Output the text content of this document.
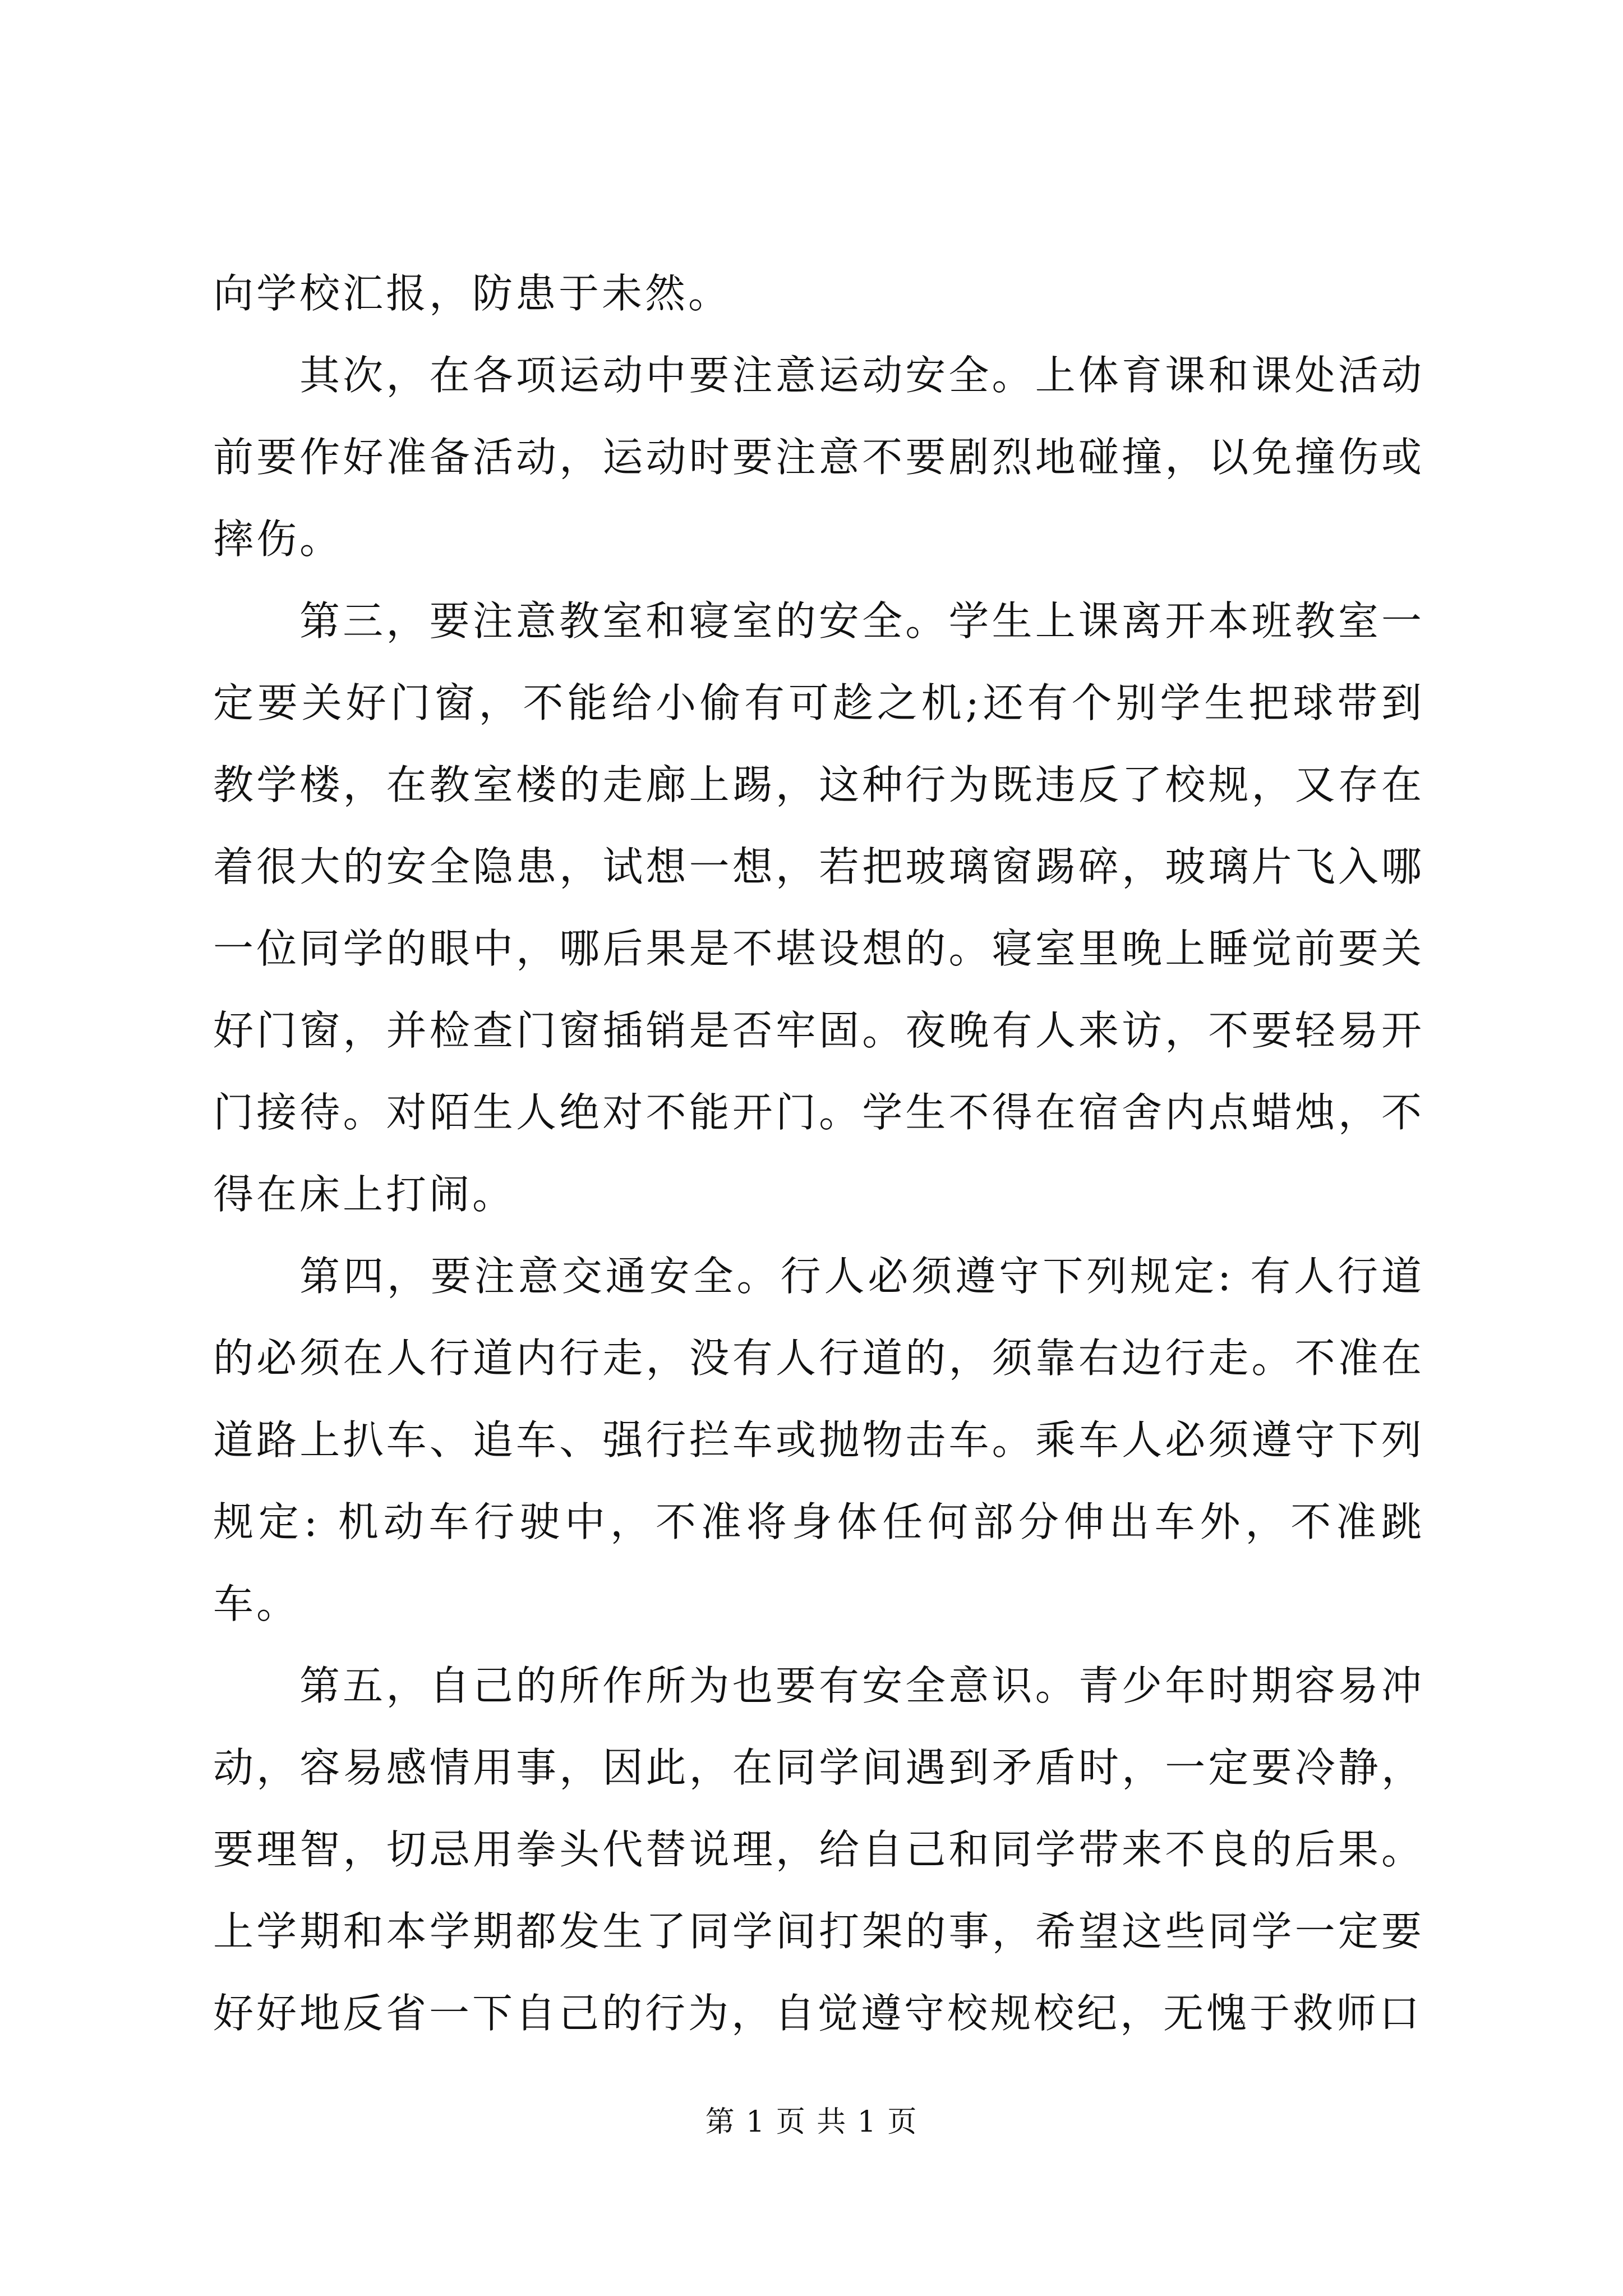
向学校汇报，防患于未然。

其次，在各项运动中要注意运动安全。上体育课和课处活动前要作好准备活动，运动时要注意不要剧烈地碰撞，以免撞伤或摔伤。

第三，要注意教室和寝室的安全。学生上课离开本班教室一定要关好门窗，不能给小偷有可趁之机;还有个别学生把球带到教学楼，在教室楼的走廊上踢，这种行为既违反了校规，又存在着很大的安全隐患，试想一想，若把玻璃窗踢碎，玻璃片飞入哪一位同学的眼中，哪后果是不堪设想的。寝室里晚上睡觉前要关好门窗，并检查门窗插销是否牢固。夜晚有人来访，不要轻易开门接待。对陌生人绝对不能开门。学生不得在宿舍内点蜡烛，不得在床上打闹。

第四，要注意交通安全。行人必须遵守下列规定: 有人行道的必须在人行道内行走，没有人行道的，须靠右边行走。不准在道路上扒车、追车、强行拦车或抛物击车。乘车人必须遵守下列规定: 机动车行驶中，不准将身体任何部分伸出车外，不准跳车。

第五，自己的所作所为也要有安全意识。青少年时期容易冲动，容易感情用事，因此，在同学间遇到矛盾时，一定要冷静，要理智，切忌用拳头代替说理，给自己和同学带来不良的后果。上学期和本学期都发生了同学间打架的事，希望这些同学一定要好好地反省一下自己的行为，自觉遵守校规校纪，无愧于救师口

第 1 页 共 1 页
